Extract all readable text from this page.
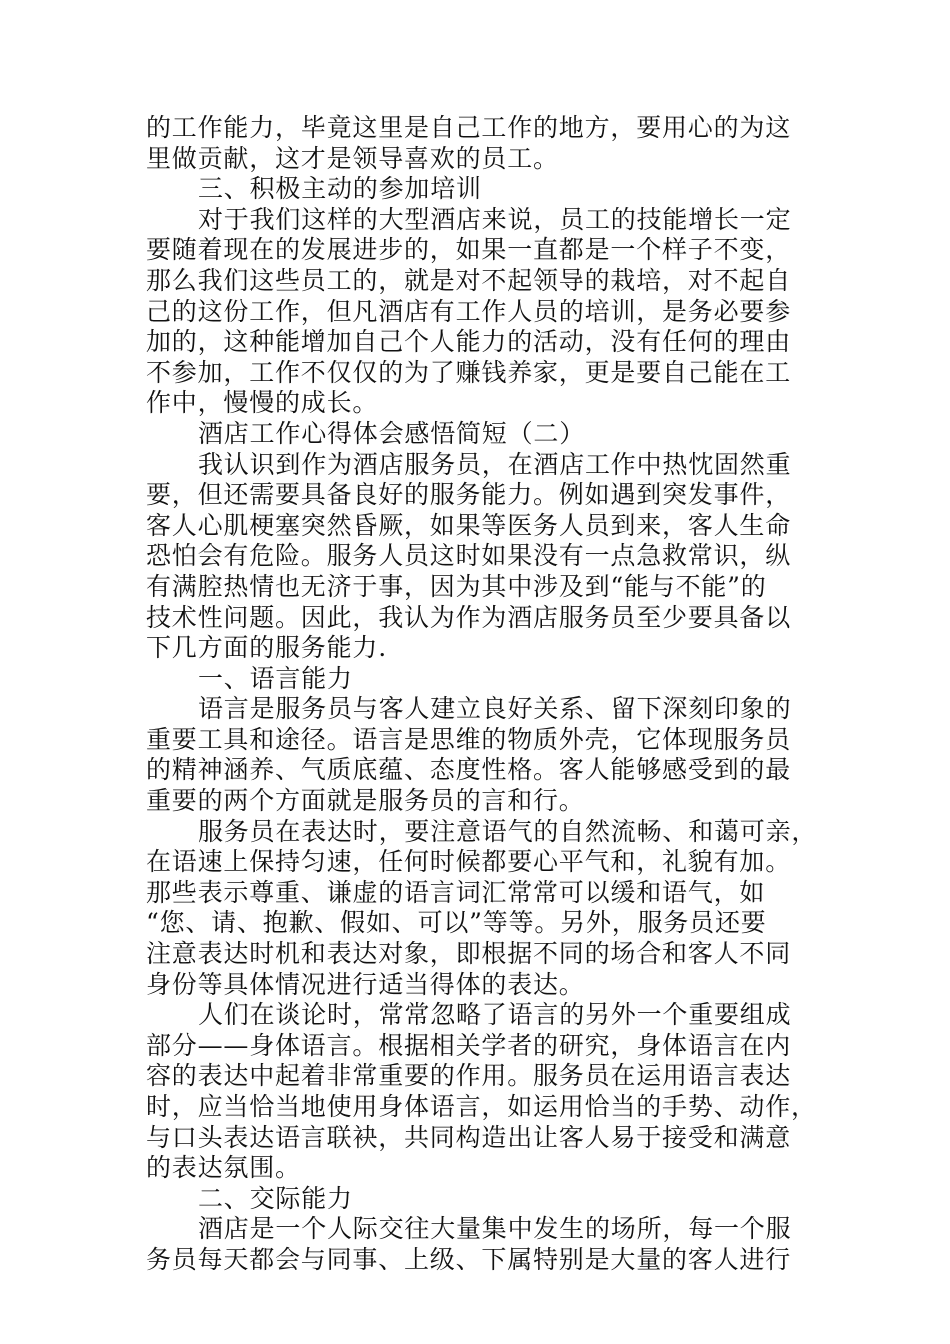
的工作能力，毕竟这里是自己工作的地方，要用心的为这
里做贡献，这才是领导喜欢的员工。
三、积极主动的参加培训
对于我们这样的大型酒店来说，员工的技能增长一定
要随着现在的发展进步的，如果一直都是一个样子不变，
那么我们这些员工的，就是对不起领导的栽培，对不起自
己的这份工作，但凡酒店有工作人员的培训，是务必要参
加的，这种能增加自己个人能力的活动，没有任何的理由
不参加，工作不仅仅的为了赚钱养家，更是要自己能在工
作中，慢慢的成长。
酒店工作心得体会感悟简短（二）
我认识到作为酒店服务员，在酒店工作中热忱固然重
要，但还需要具备良好的服务能力。例如遇到突发事件，
客人心肌梗塞突然昏厥，如果等医务人员到来，客人生命
恐怕会有危险。服务人员这时如果没有一点急救常识，纵
有满腔热情也无济于事，因为其中涉及到“能与不能”的
技术性问题。因此，我认为作为酒店服务员至少要具备以
下几方面的服务能力.
一、语言能力
语言是服务员与客人建立良好关系、留下深刻印象的
重要工具和途径。语言是思维的物质外壳，它体现服务员
的精神涵养、气质底蕴、态度性格。客人能够感受到的最
重要的两个方面就是服务员的言和行。
服务员在表达时，要注意语气的自然流畅、和蔼可亲，
在语速上保持匀速，任何时候都要心平气和，礼貌有加。
那些表示尊重、谦虚的语言词汇常常可以缓和语气，如
“您、请、抱歉、假如、可以”等等。另外，服务员还要
注意表达时机和表达对象，即根据不同的场合和客人不同
身份等具体情况进行适当得体的表达。
人们在谈论时，常常忽略了语言的另外一个重要组成
部分——身体语言。根据相关学者的研究，身体语言在内
容的表达中起着非常重要的作用。服务员在运用语言表达
时，应当恰当地使用身体语言，如运用恰当的手势、动作，
与口头表达语言联袂，共同构造出让客人易于接受和满意
的表达氛围。
二、交际能力
酒店是一个人际交往大量集中发生的场所，每一个服
务员每天都会与同事、上级、下属特别是大量的客人进行
